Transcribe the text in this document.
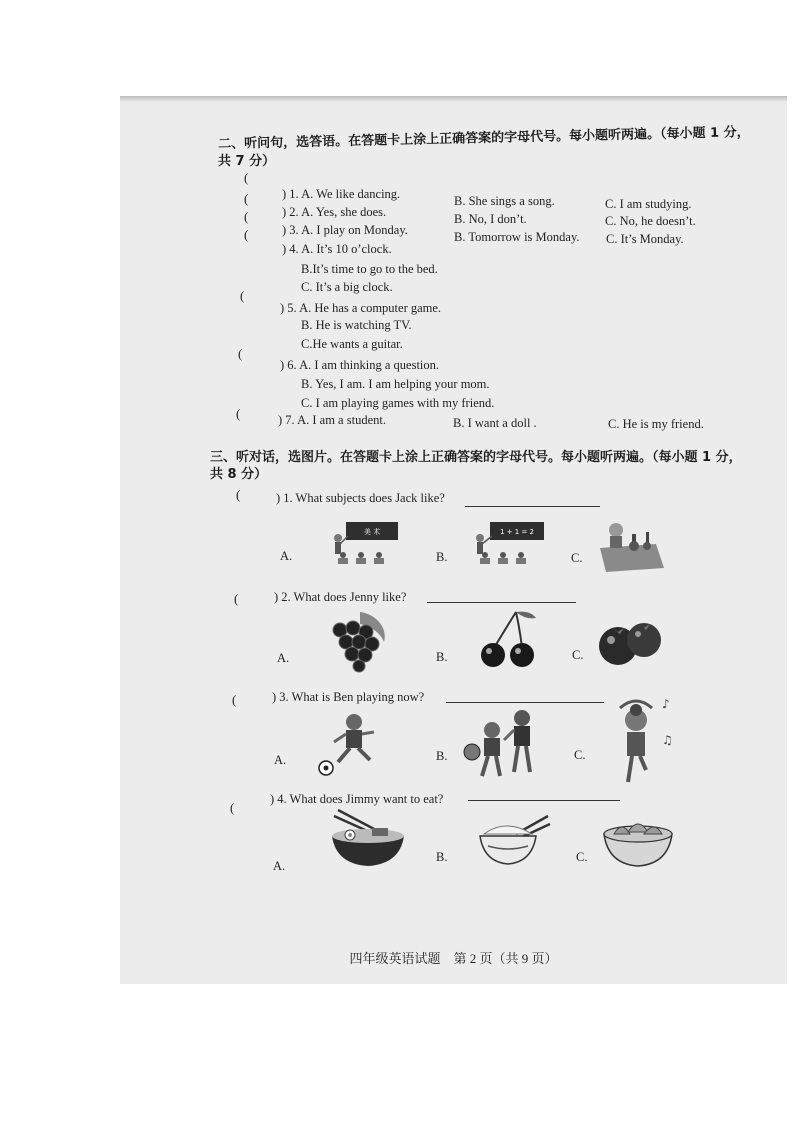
二、听问句，选答语。在答题卡上涂上正确答案的字母代号。每小题听两遍。（每小题 1 分，
共 7 分）
(
) 1. A. We like dancing.	B. She sings a song.	C. I am studying.
(
) 2. A. Yes, she does.	B. No, I don’t.	C. No, he doesn’t.
(
) 3. A. I play on Monday.	B. Tomorrow is Monday. C. It’s Monday.
(
) 4. A. It’s 10 o’clock.
B.It’s time to go to the bed.
C. It’s a big clock.
(
) 5. A. He has a computer game.
B. He is watching TV.
C.He wants a guitar.
(
) 6. A. I am thinking a question.
B. Yes, I am. I am helping your mom.
C. I am playing games with my friend.
(	) 7. A. I am a student.	B. I want a doll .	C. He is my friend.
三、听对话，选图片。在答题卡上涂上正确答案的字母代号。每小题听两遍。（每小题 1 分，
共 8 分）
(	) 1. What subjects does Jack like?
A.
美 术
B.
1 + 1 = 2
C.
(	) 2. What does Jenny like?
A.	B.	C.
(	) 3. What is Ben playing now?
A.	B.	C.
♪
♫
(
) 4. What does Jimmy want to eat?
A.
B.	C.
四年级英语试题　第 2 页（共 9 页）
